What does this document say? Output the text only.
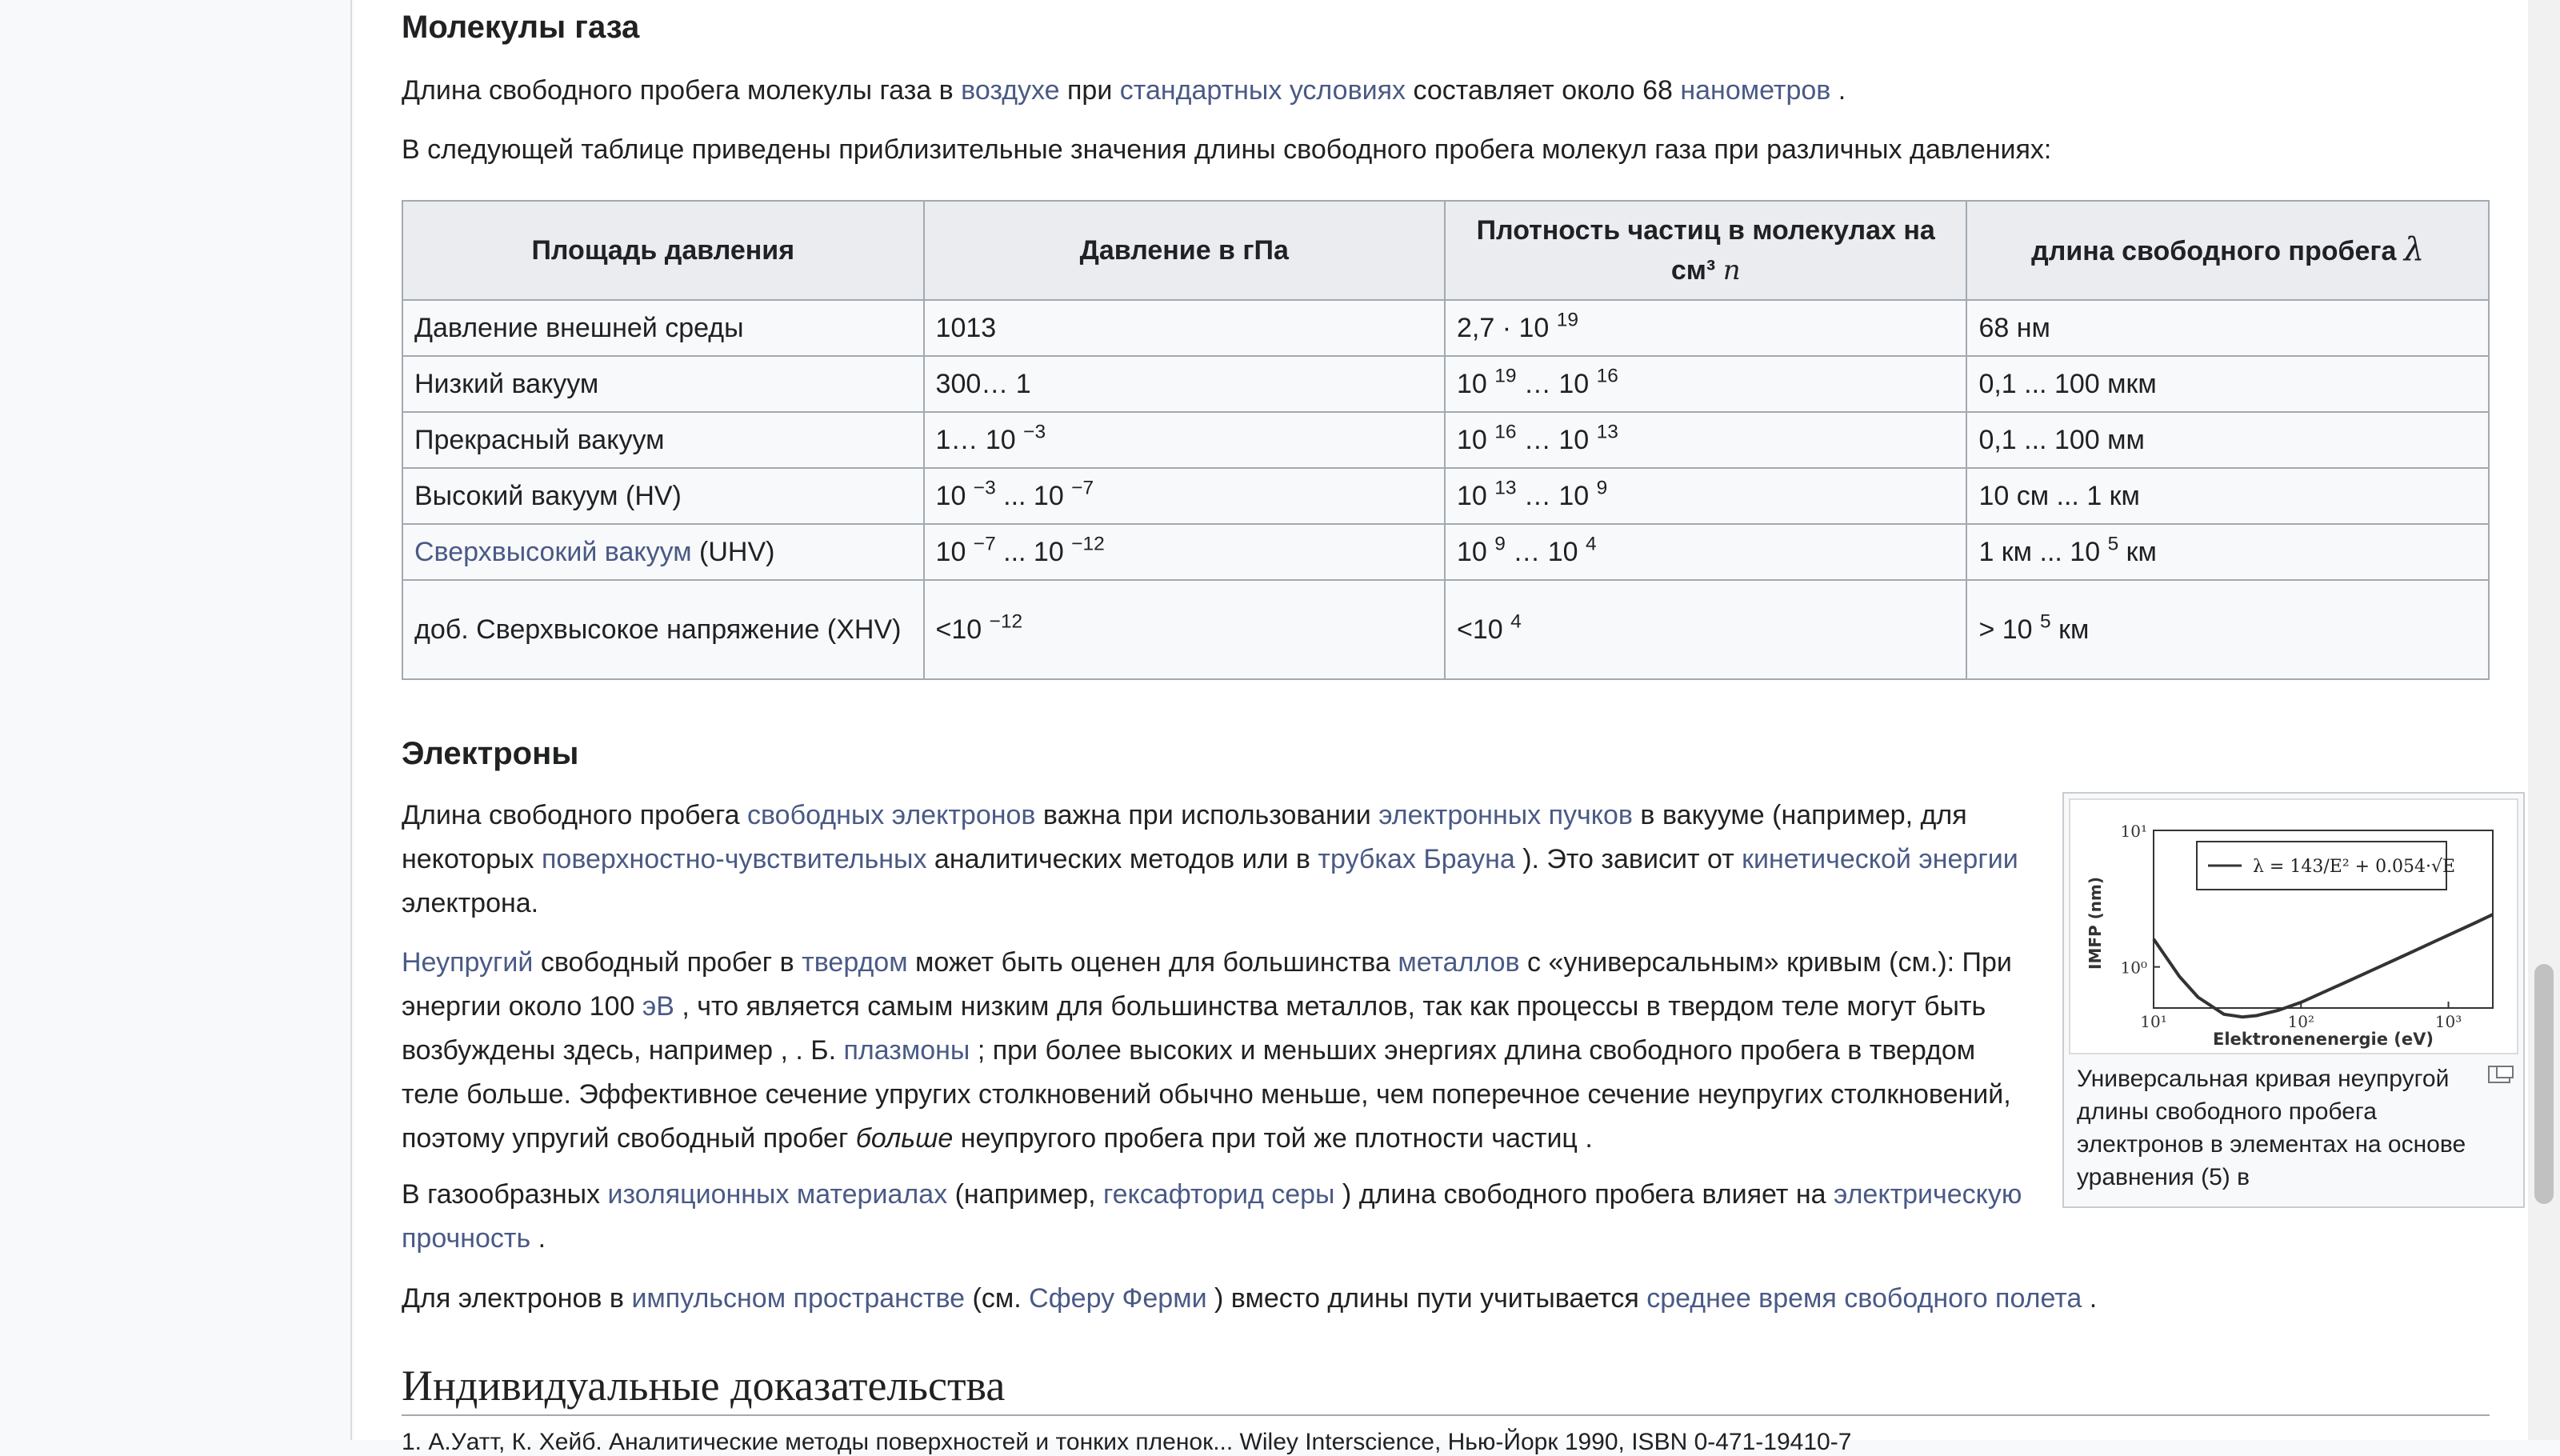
Молекулы газа

Длина свободного пробега молекулы газа в воздухе при стандартных условиях составляет около 68 нанометров .

В следующей таблице приведены приблизительные значения длины свободного пробега молекул газа при различных давлениях:

Площадь давления	Давление в гПа	Плотность частиц в молекулах на см³ n	длина свободного пробега λ
Давление внешней среды	1013	2,7 · 10 $^{19}$	68 нм
Низкий вакуум	300… 1	10 $^{19}$ … 10 $^{16}$	0,1 ... 100 мкм
Прекрасный вакуум	1… 10 $^{-3}$	10 $^{16}$ … 10 $^{13}$	0,1 ... 100 мм
Высокий вакуум (HV)	10 $^{-3}$ ... 10 $^{-7}$	10 $^{13}$ … 10 $^9$	10 см ... 1 км
Сверхвысокий вакуум (UHV)	10 $^{-7}$ ... 10 $^{-12}$	10 $^9$ … 10 $^4$	1 км ... 10 $^5$ км
доб. Сверхвысокое напряжение (XHV)	<10 $^{-12}$	<10 $^4$	> 10 $^5$ км
Электроны

Длина свободного пробега свободных электронов важна при использовании электронных пучков в вакууме (например, для некоторых поверхностно-чувствительных аналитических методов или в трубках Брауна ). Это зависит от кинетической энергии электрона.

Неупругий свободный пробег в твердом может быть оценен для большинства металлов с «универсальным» кривым (см.): При энергии около 100 эВ , что является самым низким для большинства металлов, так как процессы в твердом теле могут быть возбуждены здесь, например , . Б. плазмоны ; при более высоких и меньших энергиях длина свободного пробега в твердом теле больше. Эффективное сечение упругих столкновений обычно меньше, чем поперечное сечение неупругих столкновений, поэтому упругий свободный пробег больше неупругого пробега при той же плотности частиц .

В газообразных изоляционных материалах (например, гексафторид серы ) длина свободного пробега влияет на электрическую прочность .

Для электронов в импульсном пространстве (см. Сферу Ферми ) вместо длины пути учитывается среднее время свободного полета .

Индивидуальные доказательства
1. А.Уатт, К. Хейб. Аналитические методы поверхностей и тонких пленок... Wiley Interscience, Нью-Йорк 1990, ISBN 0-471-19410-7
10¹	10²	10³
10⁰
10¹
λ = 143/E² + 0.054·√E
IMFP (nm)
Elektronenenergie (eV)
Универсальная кривая неупругой длины свободного пробега электронов в элементах на основе уравнения (5) в
